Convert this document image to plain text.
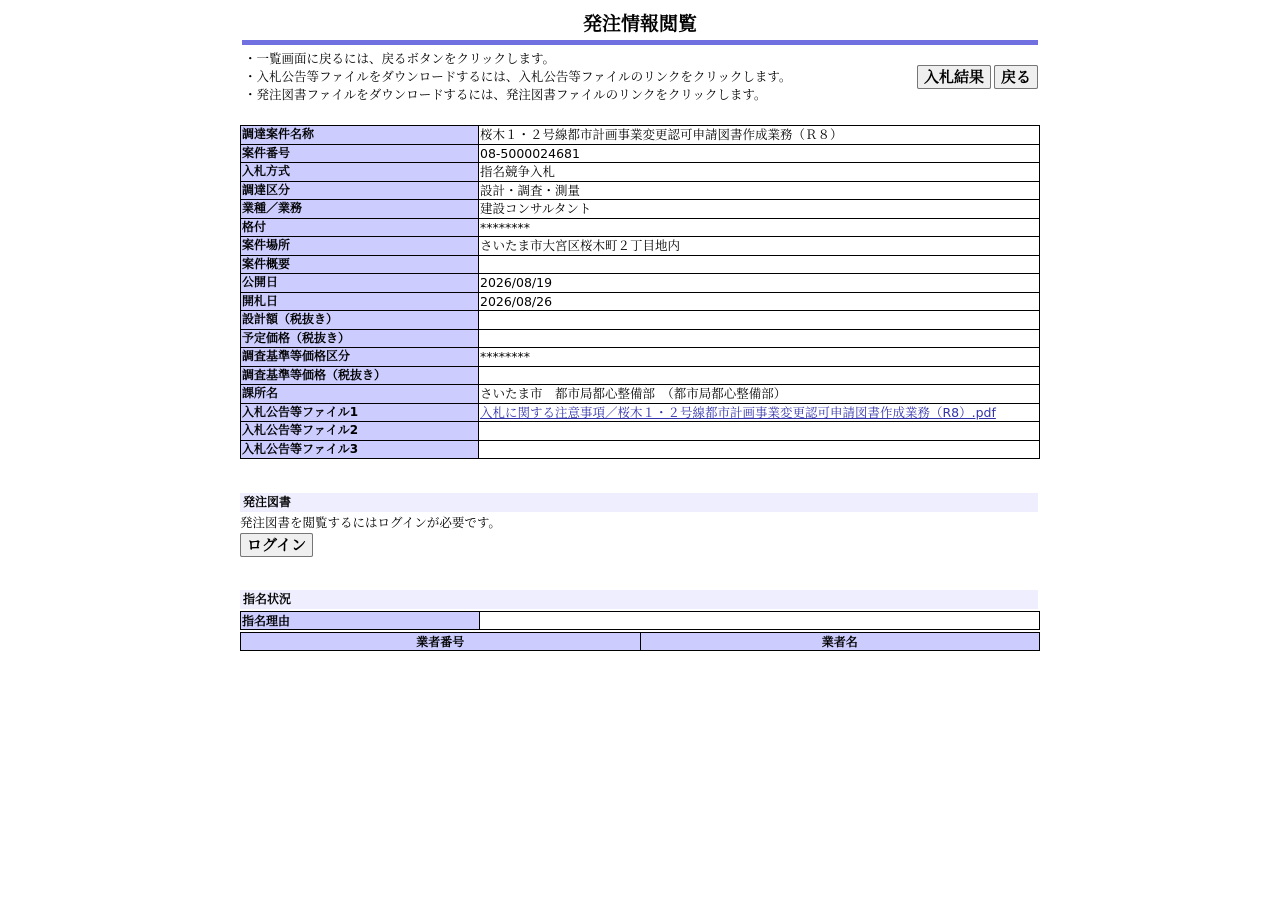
発注情報閲覧
・一覧画面に戻るには、戻るボタンをクリックします。
・入札公告等ファイルをダウンロードするには、入札公告等ファイルのリンクをクリックします。
・発注図書ファイルをダウンロードするには、発注図書ファイルのリンクをクリックします。
入札結果	戻る
調達案件名称	桜木１・２号線都市計画事業変更認可申請図書作成業務（Ｒ８）
案件番号	08-5000024681
入札方式	指名競争入札
調達区分	設計・調査・測量
業種／業務	建設コンサルタント
格付	********
案件場所	さいたま市大宮区桜木町２丁目地内
案件概要	
公開日	2026/08/19
開札日	2026/08/26
設計額（税抜き）	
予定価格（税抜き）	
調査基準等価格区分	********
調査基準等価格（税抜き）	
課所名	さいたま市　都市局都心整備部　（都市局都心整備部）
入札公告等ファイル1	入札に関する注意事項／桜木１・２号線都市計画事業変更認可申請図書作成業務（R8）.pdf
入札公告等ファイル2	
入札公告等ファイル3	
発注図書

発注図書を閲覧するにはログインが必要です。

ログイン
指名状況
指名理由	
業者番号	業者名
